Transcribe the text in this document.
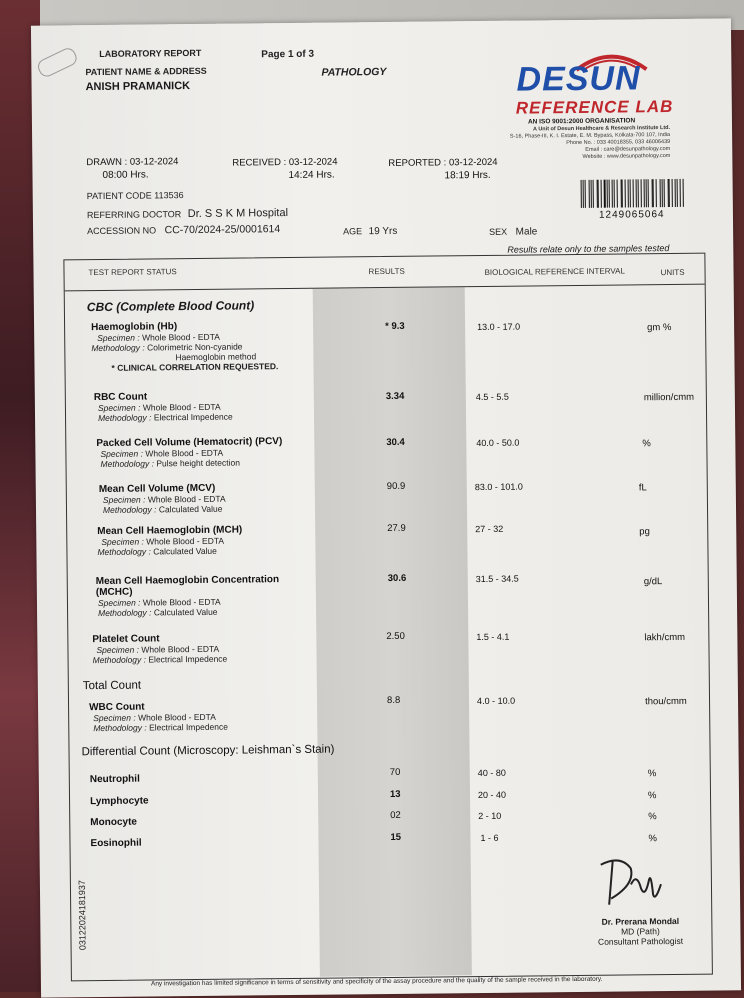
LABORATORY REPORT	Page 1 of 3
PATIENT NAME & ADDRESS	PATHOLOGY
ANISH PRAMANICK	DESUN
REFERENCE LAB
AN ISO 9001:2000 ORGANISATION
A Unit of Desun Healthcare & Research Institute Ltd.
S-16, Phase-III, K. I. Estate, E. M. Bypass, Kolkata-700 107, India
Phone No. : 033 40018355, 033 46006439
Email : care@desunpathology.com
Website : www.desunpathology.com
DRAWN : 03-12-2024
08:00 Hrs.
RECEIVED : 03-12-2024
14:24 Hrs.
REPORTED : 03-12-2024
18:19 Hrs.
PATIENT CODE 113536
REFERRING DOCTOR Dr. S S K M Hospital
ACCESSION NO CC-70/2024-25/0001614	AGE 19 Yrs	SEX Male
1249065064
Results relate only to the samples tested
TEST REPORT STATUS	RESULTS	BIOLOGICAL REFERENCE INTERVAL	UNITS
CBC (Complete Blood Count)
Haemoglobin (Hb)
Specimen : Whole Blood - EDTA
Methodology : Colorimetric Non-cyanide
Haemoglobin method
* CLINICAL CORRELATION REQUESTED.
* 9.3	13.0 - 17.0	gm %
RBC Count
Specimen : Whole Blood - EDTA
Methodology : Electrical Impedence
3.34	4.5 - 5.5	million/cmm
Packed Cell Volume (Hematocrit) (PCV)
Specimen : Whole Blood - EDTA
Methodology : Pulse height detection
30.4	40.0 - 50.0	%
Mean Cell Volume (MCV)
Specimen : Whole Blood - EDTA
Methodology : Calculated Value
90.9	83.0 - 101.0	fL
Mean Cell Haemoglobin (MCH)
Specimen : Whole Blood - EDTA
Methodology : Calculated Value
27.9	27 - 32	pg
Mean Cell Haemoglobin Concentration
(MCHC)
Specimen : Whole Blood - EDTA
Methodology : Calculated Value
30.6	31.5 - 34.5	g/dL
Platelet Count
Specimen : Whole Blood - EDTA
Methodology : Electrical Impedence
2.50	1.5 - 4.1	lakh/cmm
Total Count
WBC Count
Specimen : Whole Blood - EDTA
Methodology : Electrical Impedence
8.8	4.0 - 10.0	thou/cmm
Differential Count (Microscopy: Leishman`s Stain)
Neutrophil
70	40 - 80	%
Lymphocyte
13	20 - 40	%
Monocyte
02	2 - 10	%
Eosinophil
15	1 - 6	%
Dr. Prerana Mondal
MD (Path)
Consultant Pathologist
03122024181937
Any investigation has limited significance in terms of sensitivity and specificity of the assay procedure and the quality of the sample received in the laboratory.
